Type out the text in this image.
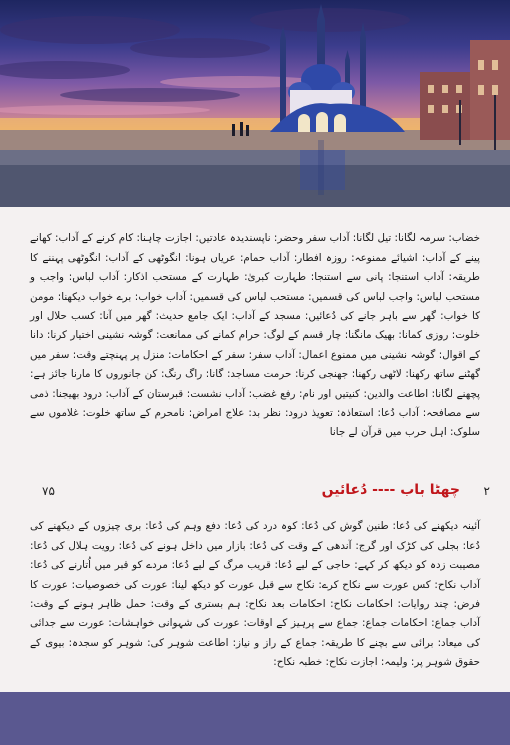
خضاب: سرمہ لگانا: تیل لگانا: آداب سفر وحضر: ناپسندیدہ عادتیں: اجازت چاہنا: کام کرنے کے آداب: کھانے پینے کے آداب: اشیائے ممنوعہ: روزہ افطار: آداب حمام: عریاں ہونا: انگوٹھی کے آداب: انگوٹھی پہننے کا طریقہ: آداب استنجا: پانی سے استنجا: طہارت کبریٰ: طہارت کے مستحب اذکار: آداب لباس: واجب و مستحب لباس: واجب لباس کی قسمیں: مستحب لباس کی قسمیں: آداب خواب: برے خواب دیکھنا: مومن کا خواب: گھر سے باہر جانے کی دُعائیں: مسجد کے آداب: ایک جامع حدیث: گھر میں آنا: کسب حلال اور خلوت: روزی کمانا: بھیک مانگنا: چار قسم کے لوگ: حرام کمانے کی ممانعت: گوشہ نشینی اختیار کرنا: دانا کے اقوال: گوشہ نشینی میں ممنوع اعمال: آداب سفر: سفر کے احکامات: منزل پر پہنچتے وقت: سفر میں گھٹنے ساتھ رکھنا: لاٹھی رکھنا: جھنجی کرنا: حرمت مساجد: گانا: راگ رنگ: کن جانوروں کا مارنا جائز ہے: پچھنے لگانا: اطاعت والدین: کنیتیں اور نام: رفع غضب: آداب نشست: قبرستان کے آداب: درود بھیجنا: ذمی سے مصافحہ: آداب دُعا: استعاذہ: تعویذ درود: نظر بد: علاج امراض: نامحرم کے ساتھ خلوت: غلاموں سے سلوک: اہل حرب میں قرآن لے جانا

۲
چھٹا باب ---- دُعائیں
۷۵

آئینہ دیکھنے کی دُعا: طنین گوش کی دُعا: کوہ درد کی دُعا: دفع وہم کی دُعا: بری چیزوں کے دیکھنے کی دُعا: بجلی کی کڑک اور گرج: آندھی کے وقت کی دُعا: بازار میں داخل ہونے کی دُعا: رویت ہلال کی دُعا: مصیبت زدہ کو دیکھ کر کہے: حاجی کے لیے دُعا: قریب مرگ کے لیے دُعا: مردے کو قبر میں اُتارنے کی دُعا: آداب نکاح: کس عورت سے نکاح کرے: نکاح سے قبل عورت کو دیکھ لینا: عورت کی خصوصیات: عورت کا فرض: چند روایات: احکامات نکاح: احکامات بعد نکاح: ہم بستری کے وقت: حمل ظاہر ہونے کے وقت: آداب جماع: احکامات جماع: جماع سے پرہیز کے اوقات: عورت کی شہوانی خواہشات: عورت سے جدائی کی میعاد: برائی سے بچنے کا طریقہ: جماع کے راز و نیاز: اطاعت شوہر کی: شوہر کو سجدہ: بیوی کے حقوق شوہر پر: ولیمہ: اجازت نکاح: خطبہ نکاح:
